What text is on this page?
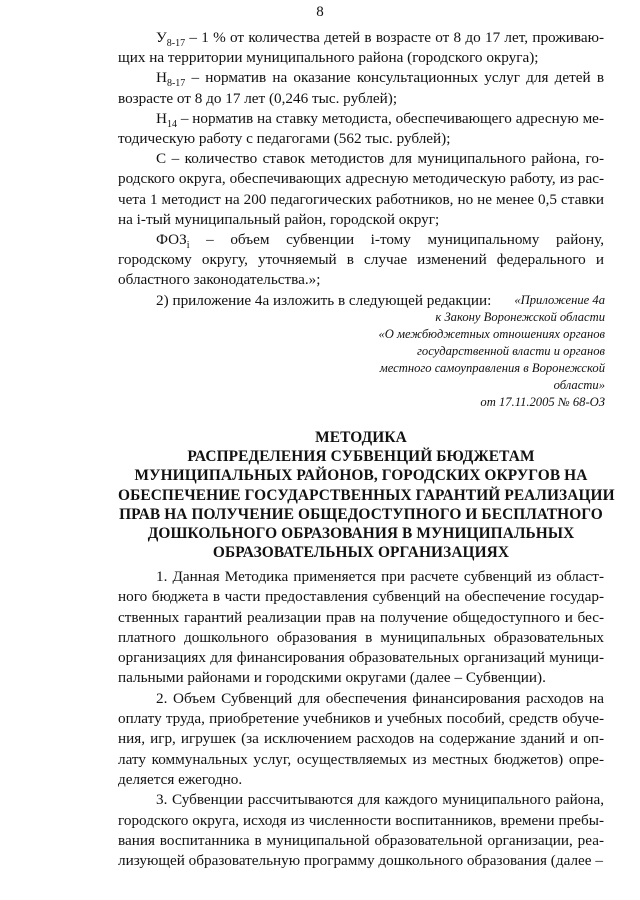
8

$У_{8-17} - 1$ % от количества детей в возрасте от 8 до 17 лет, проживающих на территории муниципального района (городского округа);

$Н_{8-17}$ – норматив на оказание консультационных услуг для детей в возрасте от 8 до 17 лет (0,246 тыс. рублей);

$Н_{14}$ – норматив на ставку методиста, обеспечивающего адресную методическую работу с педагогами (562 тыс. рублей);

С – количество ставок методистов для муниципального района, городского округа, обеспечивающих адресную методическую работу, из расчета 1 методист на 200 педагогических работников, но не менее 0,5 ставки на i-тый муниципальный район, городской округ;

$ФОЗ_i$ – объем субвенции i-тому муниципальному району, городскому округу, уточняемый в случае изменений федерального и областного законодательства.»;

2) приложение 4а изложить в следующей редакции:	«Приложение 4а
к Закону Воронежской области
«О межбюджетных отношениях органов
государственной власти и органов
местного самоуправления в Воронежской
области»
от 17.11.2005 № 68-ОЗ
МЕТОДИКА
РАСПРЕДЕЛЕНИЯ СУБВЕНЦИЙ БЮДЖЕТАМ
МУНИЦИПАЛЬНЫХ РАЙОНОВ, ГОРОДСКИХ ОКРУГОВ НА
ОБЕСПЕЧЕНИЕ ГОСУДАРСТВЕННЫХ ГАРАНТИЙ РЕАЛИЗАЦИИ
ПРАВ НА ПОЛУЧЕНИЕ ОБЩЕДОСТУПНОГО И БЕСПЛАТНОГО
ДОШКОЛЬНОГО ОБРАЗОВАНИЯ В МУНИЦИПАЛЬНЫХ
ОБРАЗОВАТЕЛЬНЫХ ОРГАНИЗАЦИЯХ

1. Данная Методика применяется при расчете субвенций из областного бюджета в части предоставления субвенций на обеспечение государственных гарантий реализации прав на получение общедоступного и бесплатного дошкольного образования в муниципальных образовательных организациях для финансирования образовательных организаций муниципальными районами и городскими округами (далее – Субвенции).

2. Объем Субвенций для обеспечения финансирования расходов на оплату труда, приобретение учебников и учебных пособий, средств обучения, игр, игрушек (за исключением расходов на содержание зданий и оплату коммунальных услуг, осуществляемых из местных бюджетов) определяется ежегодно.

3. Субвенции рассчитываются для каждого муниципального района, городского округа, исходя из численности воспитанников, времени пребывания воспитанника в муниципальной образовательной организации, реализующей образовательную программу дошкольного образования (далее –
